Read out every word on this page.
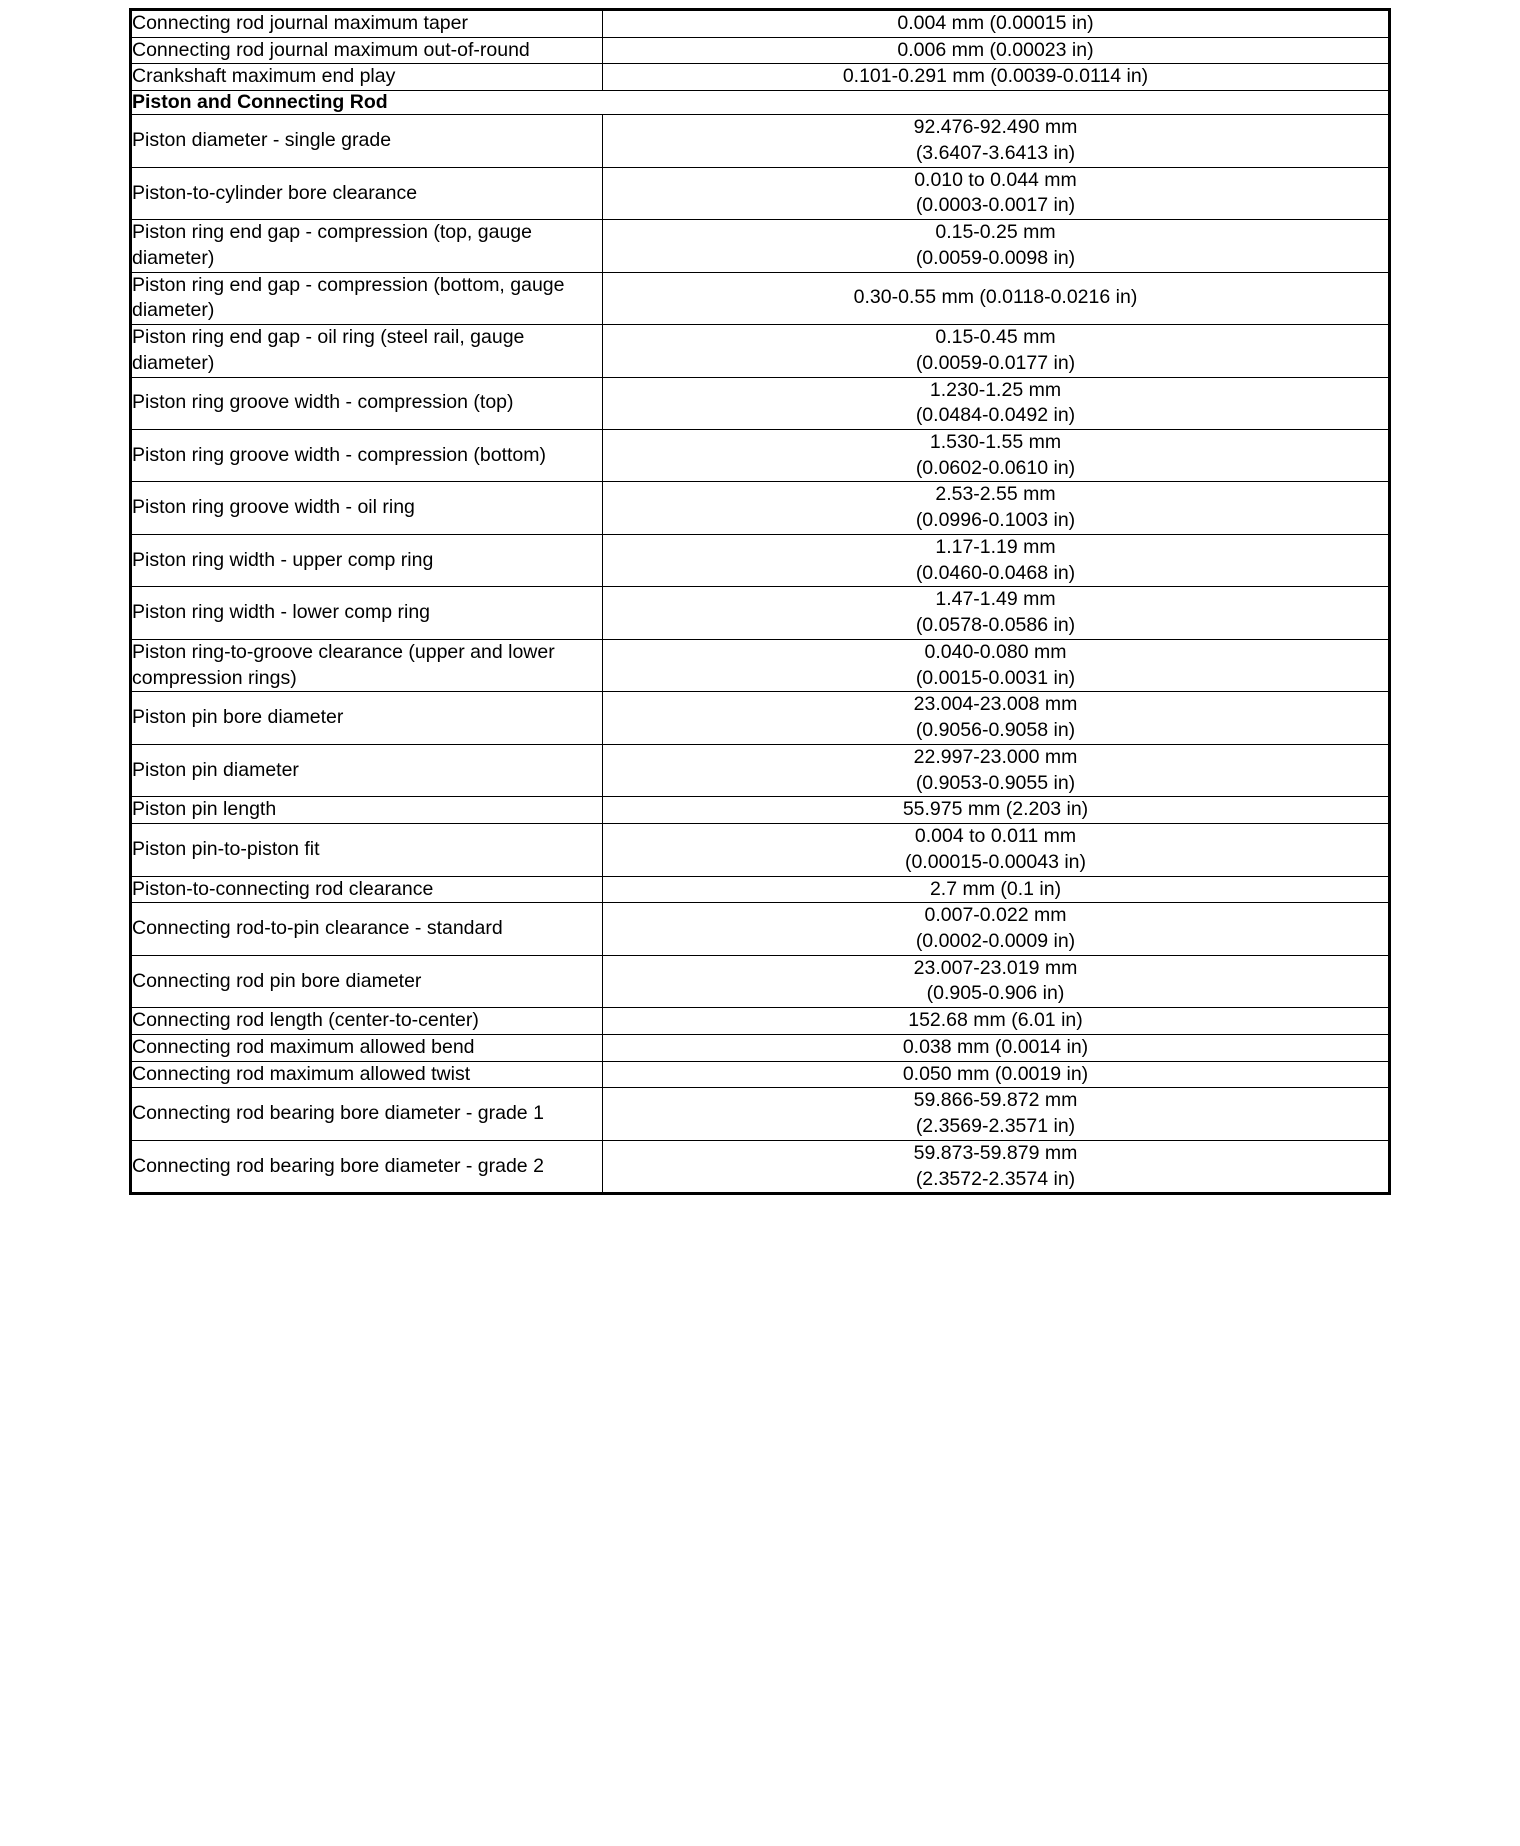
Connecting rod journal maximum taper	0.004 mm (0.00015 in)

Connecting rod journal maximum out-of-round	0.006 mm (0.00023 in)

Crankshaft maximum end play	0.101-0.291 mm (0.0039-0.0114 in)

Piston and Connecting Rod	
Piston diameter - single grade	92.476-92.490 mm
(3.6407-3.6413 in)

Piston-to-cylinder bore clearance	0.010 to 0.044 mm
(0.0003-0.0017 in)

Piston ring end gap - compression (top, gauge diameter)	0.15-0.25 mm
(0.0059-0.0098 in)

Piston ring end gap - compression (bottom, gauge diameter)	0.30-0.55 mm (0.0118-0.0216 in)

Piston ring end gap - oil ring (steel rail, gauge diameter)	0.15-0.45 mm
(0.0059-0.0177 in)

Piston ring groove width - compression (top)	1.230-1.25 mm
(0.0484-0.0492 in)

Piston ring groove width - compression (bottom)	1.530-1.55 mm
(0.0602-0.0610 in)

Piston ring groove width - oil ring	2.53-2.55 mm
(0.0996-0.1003 in)

Piston ring width - upper comp ring	1.17-1.19 mm
(0.0460-0.0468 in)

Piston ring width - lower comp ring	1.47-1.49 mm
(0.0578-0.0586 in)

Piston ring-to-groove clearance (upper and lower compression rings)	0.040-0.080 mm
(0.0015-0.0031 in)

Piston pin bore diameter	23.004-23.008 mm
(0.9056-0.9058 in)

Piston pin diameter	22.997-23.000 mm
(0.9053-0.9055 in)

Piston pin length	55.975 mm (2.203 in)

Piston pin-to-piston fit	0.004 to 0.011 mm
(0.00015-0.00043 in)

Piston-to-connecting rod clearance	2.7 mm (0.1 in)

Connecting rod-to-pin clearance - standard	0.007-0.022 mm
(0.0002-0.0009 in)

Connecting rod pin bore diameter	23.007-23.019 mm
(0.905-0.906 in)

Connecting rod length (center-to-center)	152.68 mm (6.01 in)

Connecting rod maximum allowed bend	0.038 mm (0.0014 in)

Connecting rod maximum allowed twist	0.050 mm (0.0019 in)

Connecting rod bearing bore diameter - grade 1	59.866-59.872 mm
(2.3569-2.3571 in)

Connecting rod bearing bore diameter - grade 2	59.873-59.879 mm
(2.3572-2.3574 in)
